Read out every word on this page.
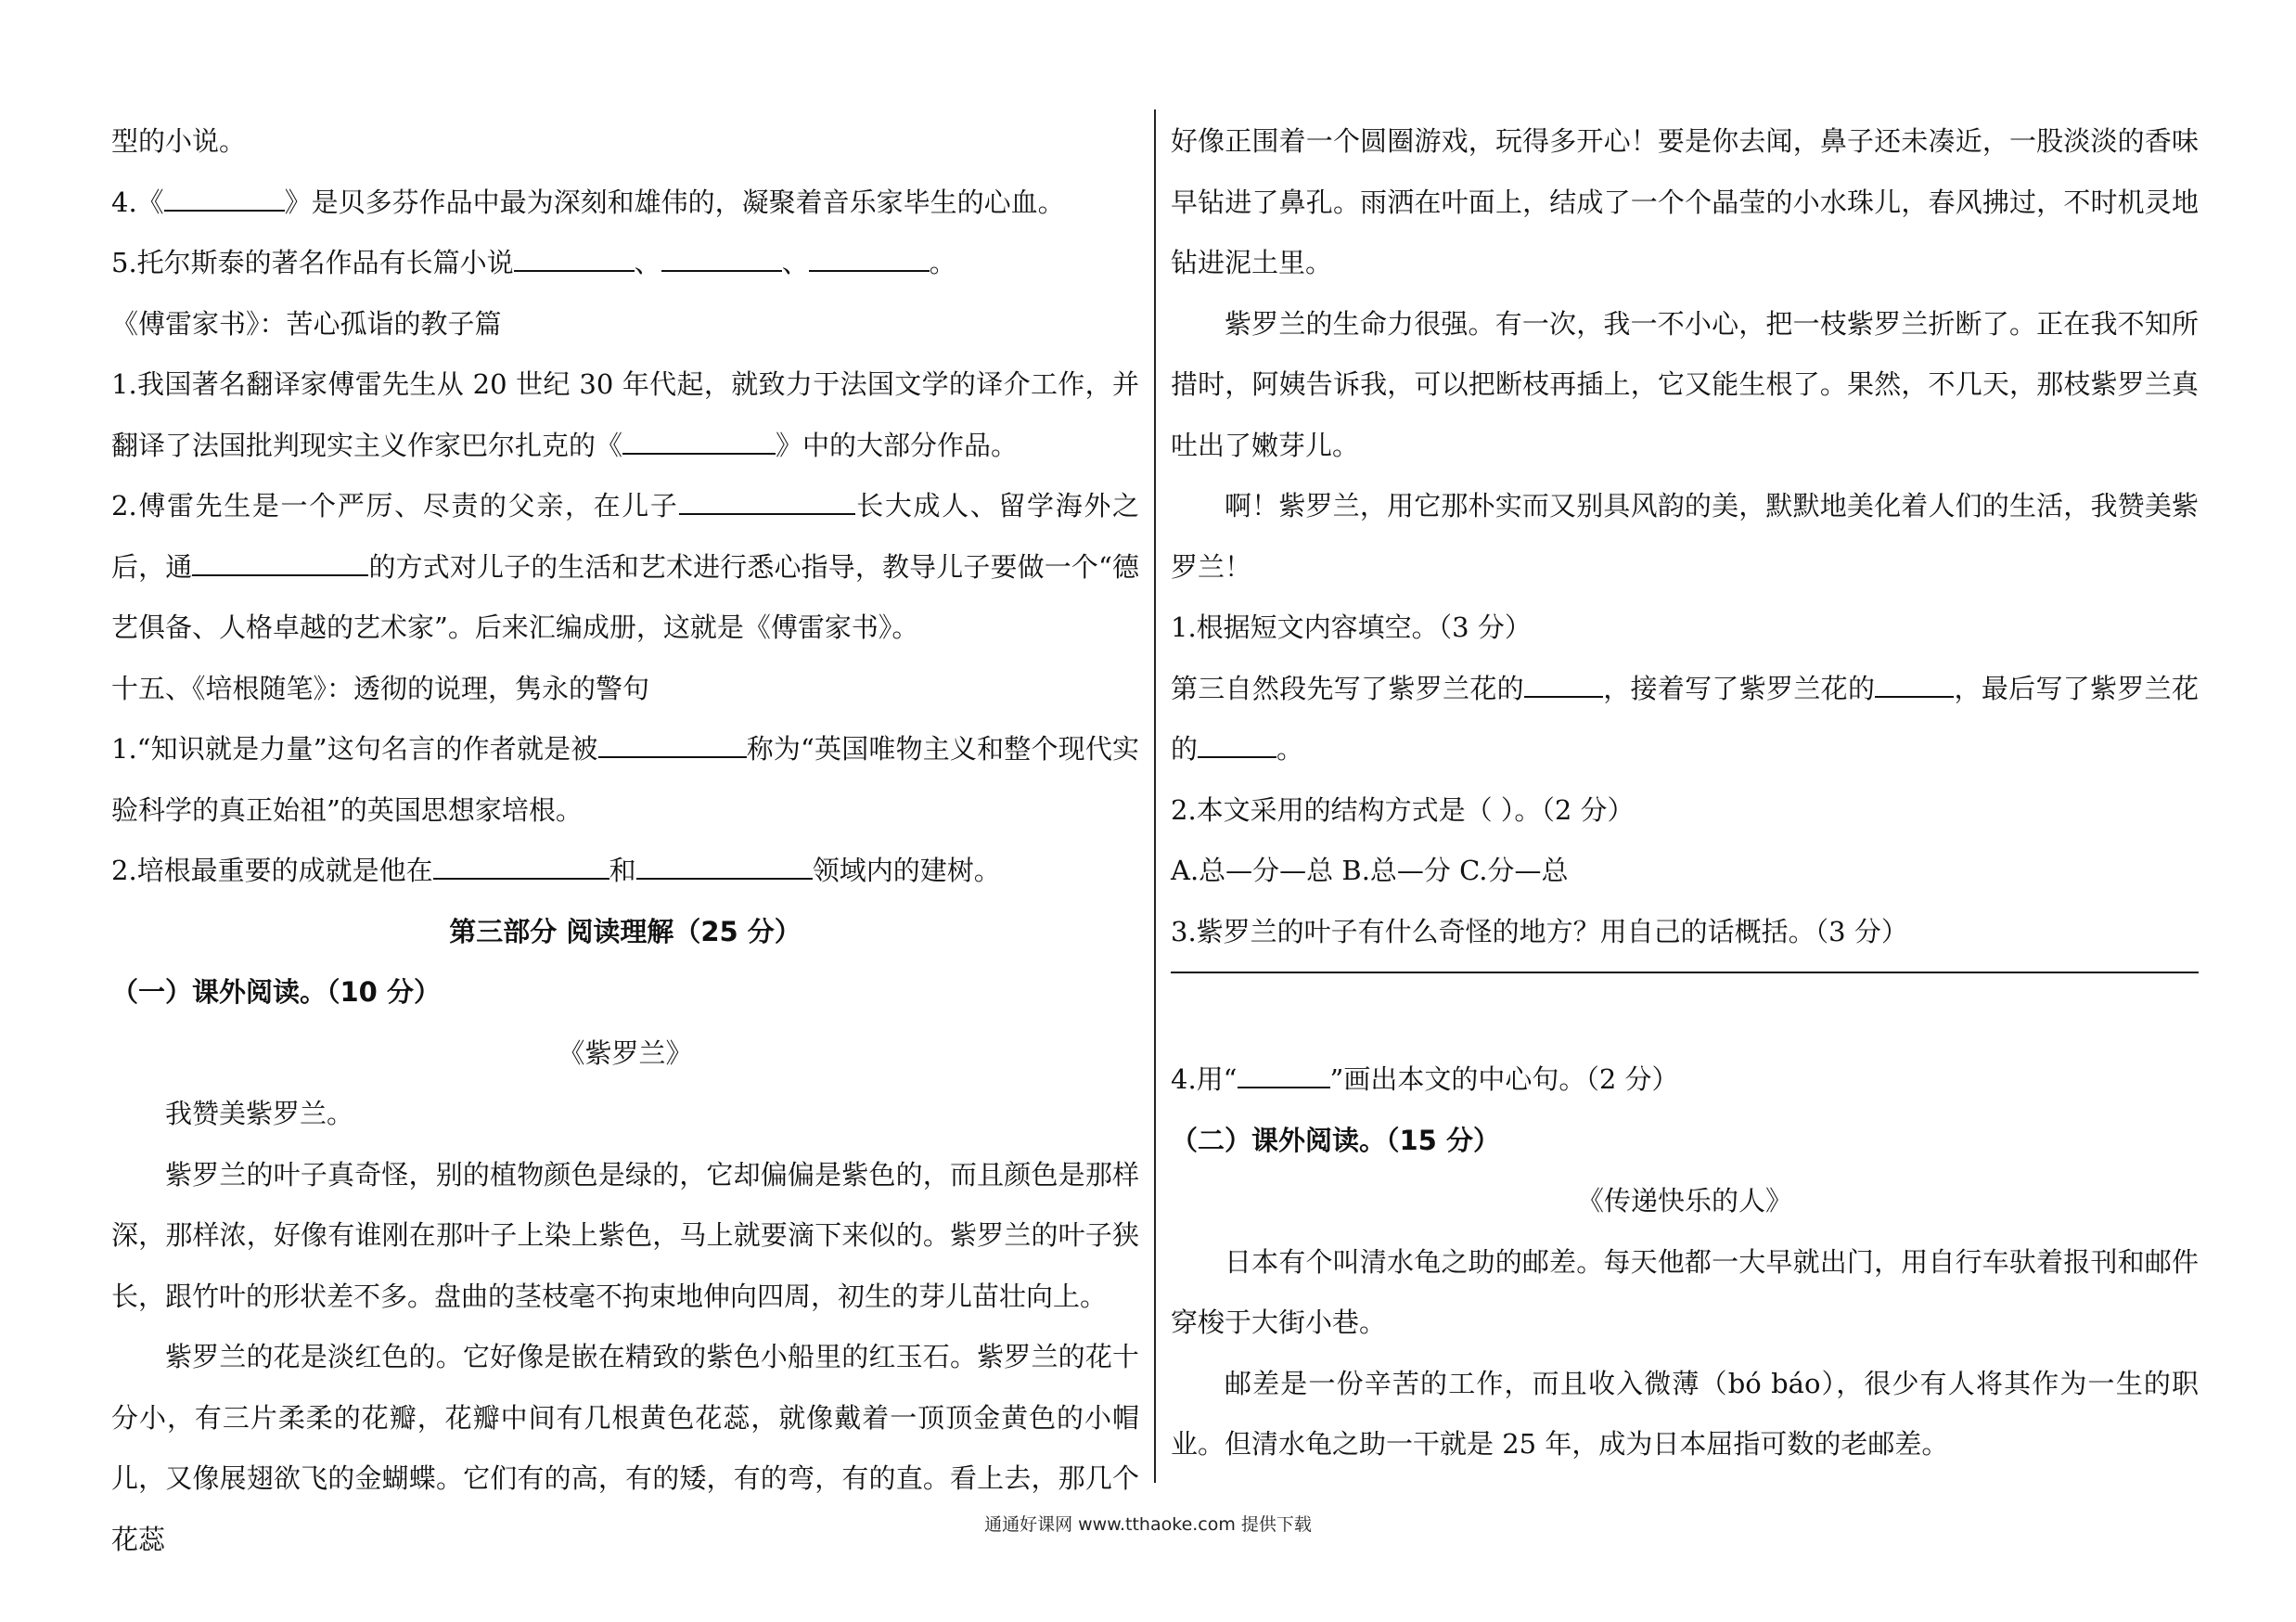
型的小说。

4.《	》是贝多芬作品中最为深刻和雄伟的，凝聚着音乐家毕生的心血。

5.托尔斯泰的著名作品有长篇小说	、	、	。

《傅雷家书》：苦心孤诣的教子篇

1.我国著名翻译家傅雷先生从 20 世纪 30 年代起，就致力于法国文学的译介工作，并翻译了法国批判现实主义作家巴尔扎克的《	》中的大部分作品。

2.傅雷先生是一个严厉、尽责的父亲，在儿子	长大成人、留学海外之后，通	的方式对儿子的生活和艺术进行悉心指导，教导儿子要做一个“德艺俱备、人格卓越的艺术家”。后来汇编成册，这就是《傅雷家书》。

十五、《培根随笔》：透彻的说理，隽永的警句

1.“知识就是力量”这句名言的作者就是被	称为“英国唯物主义和整个现代实验科学的真正始祖”的英国思想家培根。

2.培根最重要的成就是他在	和	领域内的建树。

第三部分 阅读理解（25 分）

（一）课外阅读。（10 分）

《紫罗兰》

我赞美紫罗兰。

紫罗兰的叶子真奇怪，别的植物颜色是绿的，它却偏偏是紫色的，而且颜色是那样深，那样浓，好像有谁刚在那叶子上染上紫色，马上就要滴下来似的。紫罗兰的叶子狭长，跟竹叶的形状差不多。盘曲的茎枝毫不拘束地伸向四周，初生的芽儿苗壮向上。

紫罗兰的花是淡红色的。它好像是嵌在精致的紫色小船里的红玉石。紫罗兰的花十分小，有三片柔柔的花瓣，花瓣中间有几根黄色花蕊，就像戴着一顶顶金黄色的小帽儿，又像展翅欲飞的金蝴蝶。它们有的高，有的矮，有的弯，有的直。看上去，那几个花蕊

好像正围着一个圆圈游戏，玩得多开心！要是你去闻，鼻子还未凑近，一股淡淡的香味早钻进了鼻孔。雨洒在叶面上，结成了一个个晶莹的小水珠儿，春风拂过，不时机灵地钻进泥土里。

紫罗兰的生命力很强。有一次，我一不小心，把一枝紫罗兰折断了。正在我不知所措时，阿姨告诉我，可以把断枝再插上，它又能生根了。果然，不几天，那枝紫罗兰真吐出了嫩芽儿。

啊！紫罗兰，用它那朴实而又别具风韵的美，默默地美化着人们的生活，我赞美紫罗兰！

1.根据短文内容填空。（3 分）

第三自然段先写了紫罗兰花的	，接着写了紫罗兰花的	，最后写了紫罗兰花的	。

2.本文采用的结构方式是（ ）。（2 分）

A.总—分—总 B.总—分 C.分—总

3.紫罗兰的叶子有什么奇怪的地方？用自己的话概括。（3 分）

4.用“	”画出本文的中心句。（2 分）

（二）课外阅读。（15 分）

《传递快乐的人》

日本有个叫清水龟之助的邮差。每天他都一大早就出门，用自行车驮着报刊和邮件穿梭于大街小巷。

邮差是一份辛苦的工作，而且收入微薄（bó báo），很少有人将其作为一生的职业。但清水龟之助一干就是 25 年，成为日本屈指可数的老邮差。

通通好课网 www.tthaoke.com 提供下载
